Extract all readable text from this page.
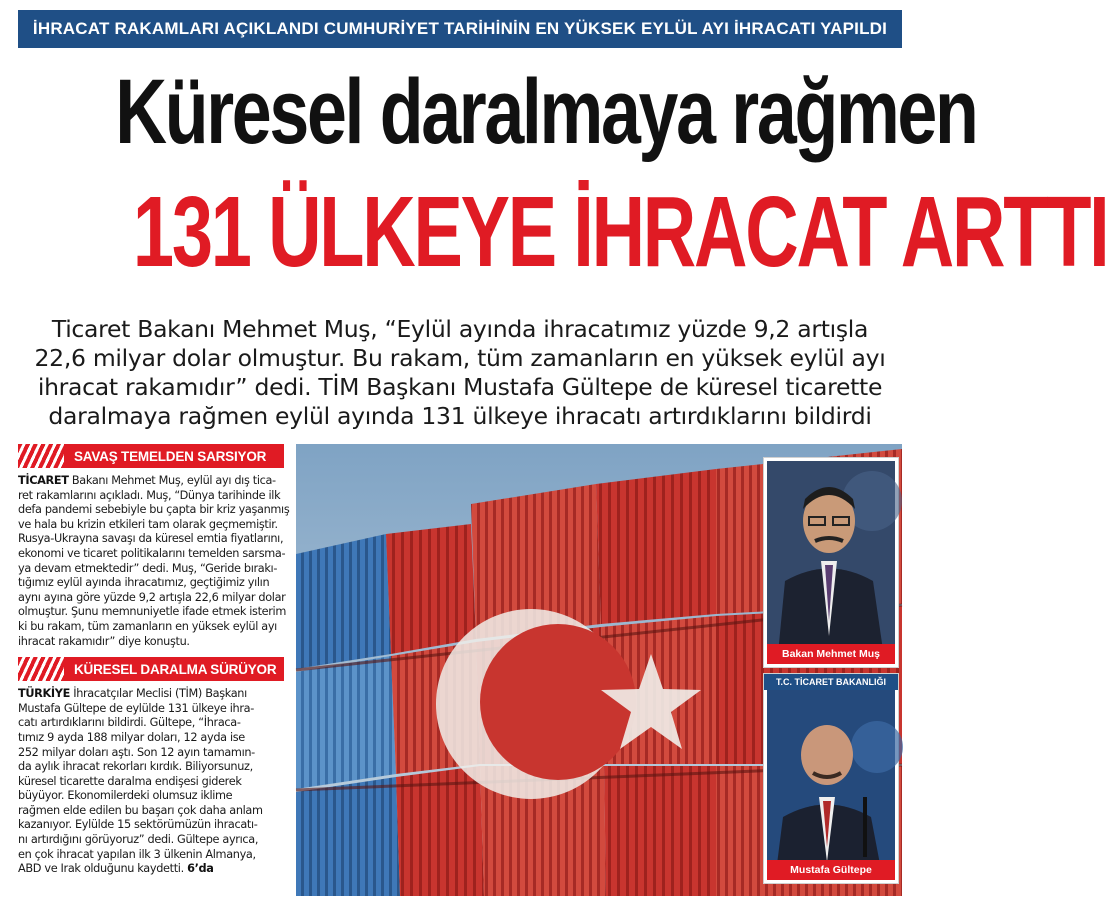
İHRACAT RAKAMLARI AÇIKLANDI CUMHURİYET TARİHİNİN EN YÜKSEK EYLÜL AYI İHRACATI YAPILDI
Küresel daralmaya rağmen
131 ÜLKEYE İHRACAT ARTTI
Ticaret Bakanı Mehmet Muş, “Eylül ayında ihracatımız yüzde 9,2 artışla
22,6 milyar dolar olmuştur. Bu rakam, tüm zamanların en yüksek eylül ayı
ihracat rakamıdır” dedi. TİM Başkanı Mustafa Gültepe de küresel ticarette
daralmaya rağmen eylül ayında 131 ülkeye ihracatı artırdıklarını bildirdi
SAVAŞ TEMELDEN SARSIYOR
TİCARET Bakanı Mehmet Muş, eylül ayı dış tica-
ret rakamlarını açıkladı. Muş, “Dünya tarihinde ilk
defa pandemi sebebiyle bu çapta bir kriz yaşanmış
ve hala bu krizin etkileri tam olarak geçmemiştir.
Rusya-Ukrayna savaşı da küresel emtia fiyatlarını,
ekonomi ve ticaret politikalarını temelden sarsma-
ya devam etmektedir” dedi. Muş, “Geride bırakı-
tığımız eylül ayında ihracatımız, geçtiğimiz yılın
aynı ayına göre yüzde 9,2 artışla 22,6 milyar dolar
olmuştur. Şunu memnuniyetle ifade etmek isterim
ki bu rakam, tüm zamanların en yüksek eylül ayı
ihracat rakamıdır” diye konuştu.
KÜRESEL DARALMA SÜRÜYOR
TÜRKİYE İhracatçılar Meclisi (TİM) Başkanı
Mustafa Gültepe de eylülde 131 ülkeye ihra-
catı artırdıklarını bildirdi. Gültepe, “İhraca-
tımız 9 ayda 188 milyar doları, 12 ayda ise
252 milyar doları aştı. Son 12 ayın tamamın-
da aylık ihracat rekorları kırdık. Biliyorsunuz,
küresel ticarette daralma endişesi giderek
büyüyor. Ekonomilerdeki olumsuz iklime
rağmen elde edilen bu başarı çok daha anlam
kazanıyor. Eylülde 15 sektörümüzün ihracatı-
nı artırdığını görüyoruz” dedi. Gültepe ayrıca,
en çok ihracat yapılan ilk 3 ülkenin Almanya,
ABD ve Irak olduğunu kaydetti. 6’da
Bakan Mehmet Muş
T.C. TİCARET BAKANLIĞI
Mustafa Gültepe
